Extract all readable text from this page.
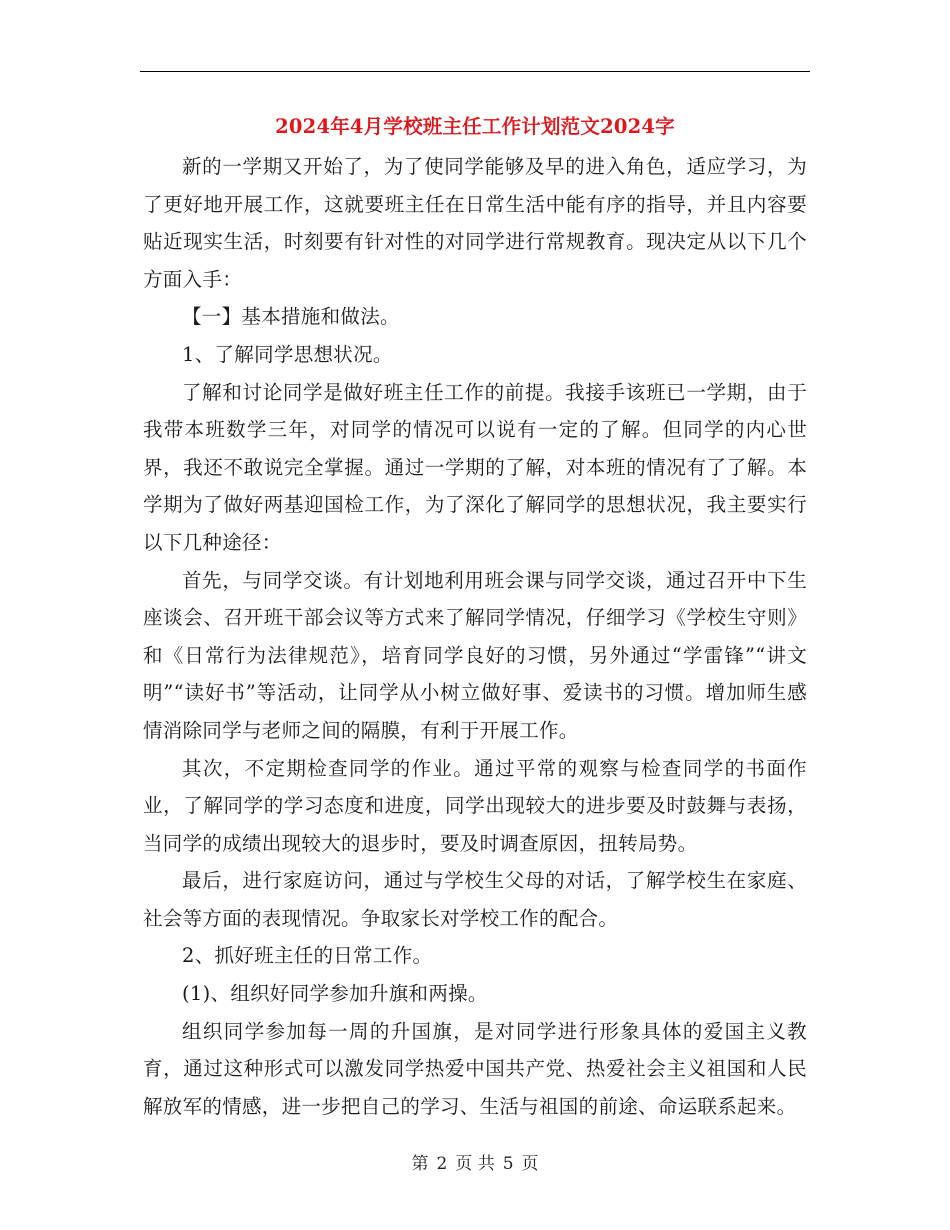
2024年4月学校班主任工作计划范文2024字

新的一学期又开始了，为了使同学能够及早的进入角色，适应学习，为了更好地开展工作，这就要班主任在日常生活中能有序的指导，并且内容要贴近现实生活，时刻要有针对性的对同学进行常规教育。现决定从以下几个方面入手：

【一】基本措施和做法。

1、了解同学思想状况。

了解和讨论同学是做好班主任工作的前提。我接手该班已一学期，由于我带本班数学三年，对同学的情况可以说有一定的了解。但同学的内心世界，我还不敢说完全掌握。通过一学期的了解，对本班的情况有了了解。本学期为了做好两基迎国检工作，为了深化了解同学的思想状况，我主要实行以下几种途径：

首先，与同学交谈。有计划地利用班会课与同学交谈，通过召开中下生座谈会、召开班干部会议等方式来了解同学情况，仔细学习《学校生守则》和《日常行为法律规范》，培育同学良好的习惯，另外通过“学雷锋”“讲文明”“读好书”等活动，让同学从小树立做好事、爱读书的习惯。增加师生感情消除同学与老师之间的隔膜，有利于开展工作。

其次，不定期检查同学的作业。通过平常的观察与检查同学的书面作业，了解同学的学习态度和进度，同学出现较大的进步要及时鼓舞与表扬，当同学的成绩出现较大的退步时，要及时调查原因，扭转局势。

最后，进行家庭访问，通过与学校生父母的对话，了解学校生在家庭、社会等方面的表现情况。争取家长对学校工作的配合。

2、抓好班主任的日常工作。

(1)、组织好同学参加升旗和两操。

组织同学参加每一周的升国旗，是对同学进行形象具体的爱国主义教育，通过这种形式可以激发同学热爱中国共产党、热爱社会主义祖国和人民解放军的情感，进一步把自己的学习、生活与祖国的前途、命运联系起来。

第 2 页 共 5 页
